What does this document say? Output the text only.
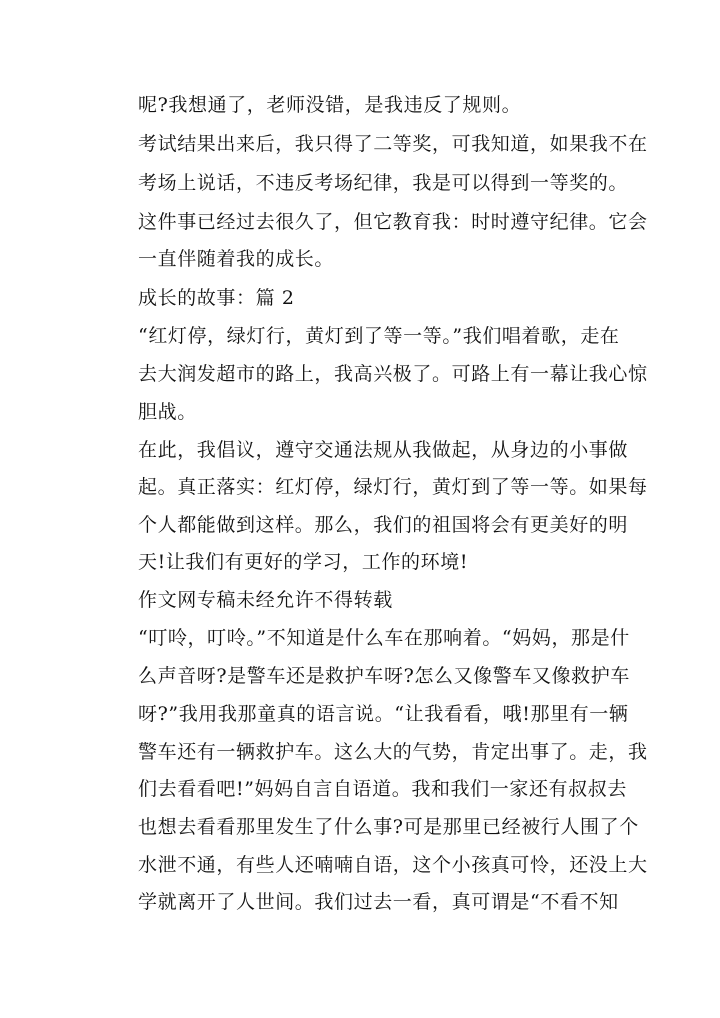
呢?我想通了，老师没错，是我违反了规则。
考试结果出来后，我只得了二等奖，可我知道，如果我不在
考场上说话，不违反考场纪律，我是可以得到一等奖的。
这件事已经过去很久了，但它教育我：时时遵守纪律。它会
一直伴随着我的成长。
成长的故事：篇 2
“红灯停，绿灯行，黄灯到了等一等。”我们唱着歌，走在
去大润发超市的路上，我高兴极了。可路上有一幕让我心惊
胆战。
在此，我倡议，遵守交通法规从我做起，从身边的小事做
起。真正落实：红灯停，绿灯行，黄灯到了等一等。如果每
个人都能做到这样。那么，我们的祖国将会有更美好的明
天!让我们有更好的学习，工作的环境!
作文网专稿未经允许不得转载
“叮呤，叮呤。”不知道是什么车在那响着。“妈妈，那是什
么声音呀?是警车还是救护车呀?怎么又像警车又像救护车
呀?”我用我那童真的语言说。“让我看看，哦!那里有一辆
警车还有一辆救护车。这么大的气势，肯定出事了。走，我
们去看看吧!”妈妈自言自语道。我和我们一家还有叔叔去
也想去看看那里发生了什么事?可是那里已经被行人围了个
水泄不通，有些人还喃喃自语，这个小孩真可怜，还没上大
学就离开了人世间。我们过去一看，真可谓是“不看不知
